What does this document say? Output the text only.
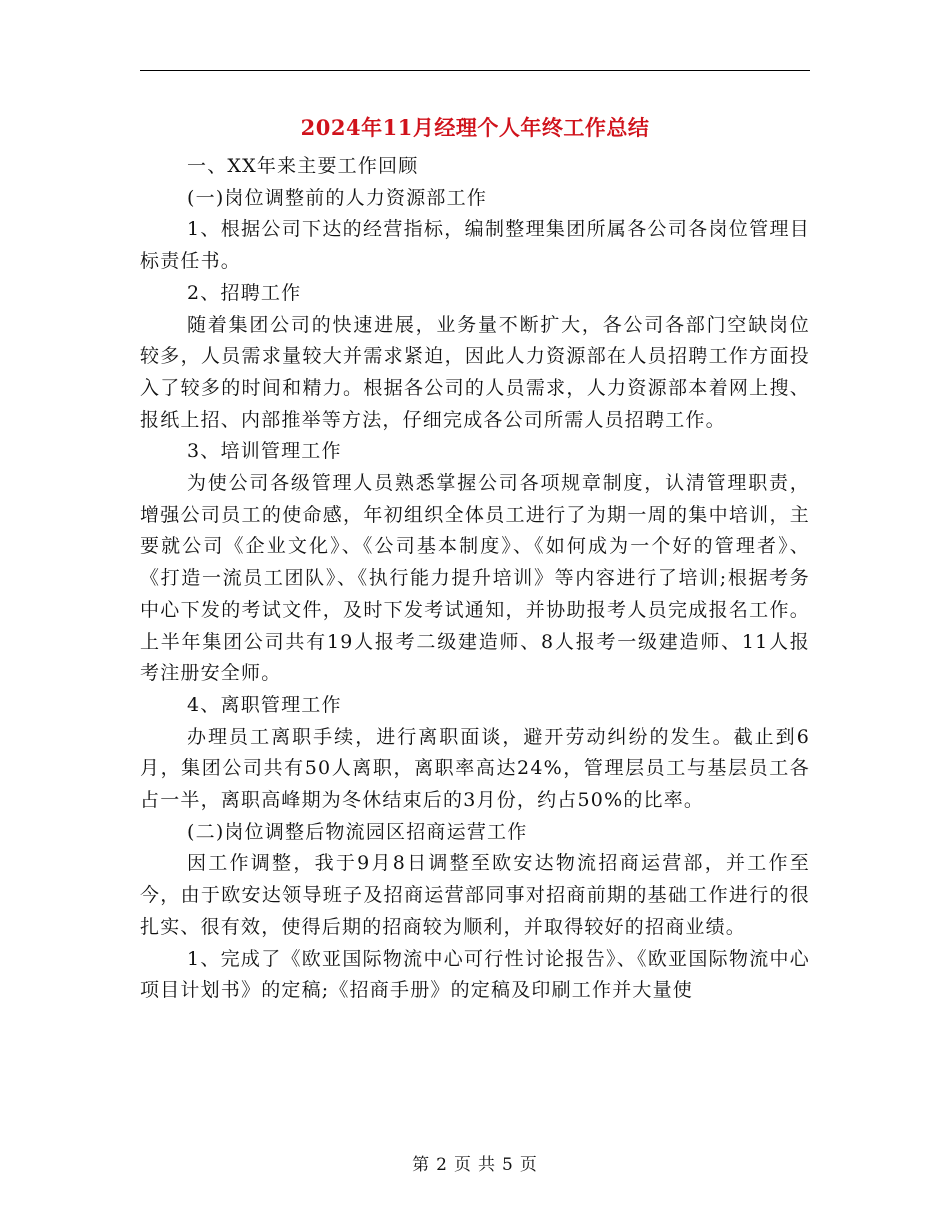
2024年11月经理个人年终工作总结

一、XX年来主要工作回顾

(一)岗位调整前的人力资源部工作

1、根据公司下达的经营指标，编制整理集团所属各公司各岗位管理目标责任书。

2、招聘工作

随着集团公司的快速进展，业务量不断扩大，各公司各部门空缺岗位较多，人员需求量较大并需求紧迫，因此人力资源部在人员招聘工作方面投入了较多的时间和精力。根据各公司的人员需求，人力资源部本着网上搜、报纸上招、内部推举等方法，仔细完成各公司所需人员招聘工作。

3、培训管理工作

为使公司各级管理人员熟悉掌握公司各项规章制度，认清管理职责，增强公司员工的使命感，年初组织全体员工进行了为期一周的集中培训，主要就公司《企业文化》、《公司基本制度》、《如何成为一个好的管理者》、《打造一流员工团队》、《执行能力提升培训》等内容进行了培训;根据考务中心下发的考试文件，及时下发考试通知，并协助报考人员完成报名工作。上半年集团公司共有19人报考二级建造师、8人报考一级建造师、11人报考注册安全师。

4、离职管理工作

办理员工离职手续，进行离职面谈，避开劳动纠纷的发生。截止到6月，集团公司共有50人离职，离职率高达24%，管理层员工与基层员工各占一半，离职高峰期为冬休结束后的3月份，约占50%的比率。

(二)岗位调整后物流园区招商运营工作

因工作调整，我于9月8日调整至欧安达物流招商运营部，并工作至今，由于欧安达领导班子及招商运营部同事对招商前期的基础工作进行的很扎实、很有效，使得后期的招商较为顺利，并取得较好的招商业绩。

1、完成了《欧亚国际物流中心可行性讨论报告》、《欧亚国际物流中心项目计划书》的定稿;《招商手册》的定稿及印刷工作并大量使

第 2 页 共 5 页
